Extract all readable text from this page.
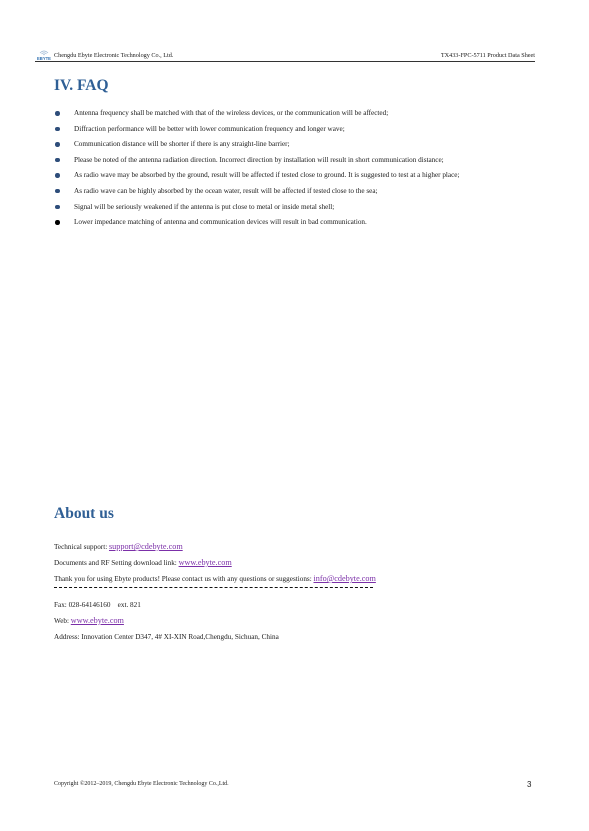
EBYTE Chengdu Ebyte Electronic Technology Co., Ltd.	TX433-FPC-5711 Product Data Sheet
IV. FAQ
Antenna frequency shall be matched with that of the wireless devices, or the communication will be affected;
Diffraction performance will be better with lower communication frequency and longer wave;
Communication distance will be shorter if there is any straight-line barrier;
Please be noted of the antenna radiation direction. Incorrect direction by installation will result in short communication distance;
As radio wave may be absorbed by the ground, result will be affected if tested close to ground. It is suggested to test at a higher place;
As radio wave can be highly absorbed by the ocean water, result will be affected if tested close to the sea;
Signal will be seriously weakened if the antenna is put close to metal or inside metal shell;
Lower impedance matching of antenna and communication devices will result in bad communication.
About us
Technical support: support@cdebyte.com
Documents and RF Setting download link: www.ebyte.com
Thank you for using Ebyte products! Please contact us with any questions or suggestions: info@cdebyte.com
Fax: 028-64146160    ext. 821
Web: www.ebyte.com
Address: Innovation Center D347, 4# XI-XIN Road,Chengdu, Sichuan, China
Copyright ©2012–2019, Chengdu Ebyte Electronic Technology Co.,Ltd.	3
